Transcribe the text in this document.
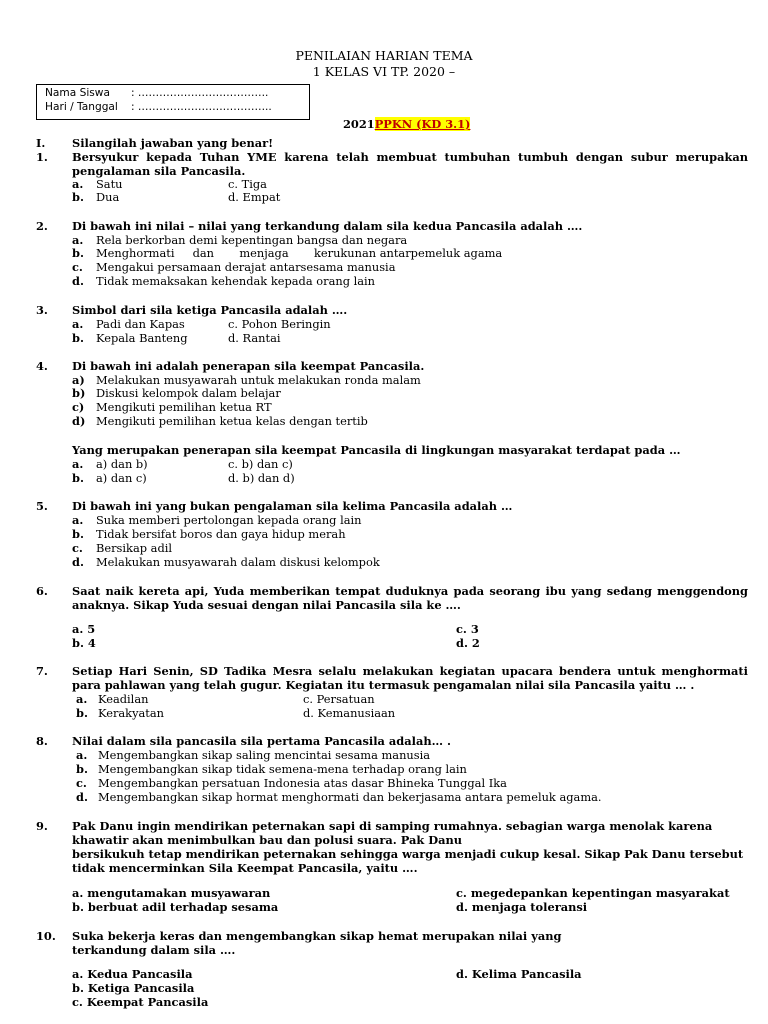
PENILAIAN HARIAN TEMA
1 KELAS VI TP. 2020 –
Nama Siswa : ……………………………….
Hari / Tanggal : ………………………………..
2021PPKN (KD 3.1)
I. Silangilah jawaban yang benar!
1. Bersyukur kepada Tuhan YME karena telah membuat tumbuhan tumbuh dengan subur merupakan pengalaman sila Pancasila.
a. Satu	c. Tiga
b. Dua	d. Empat
2. Di bawah ini nilai – nilai yang terkandung dalam sila kedua Pancasila adalah ….
a. Rela berkorban demi kepentingan bangsa dan negara
b. Menghormati     dan       menjaga       kerukunan antarpemeluk agama
c. Mengakui persamaan derajat antarsesama manusia
d. Tidak memaksakan kehendak kepada orang lain
3. Simbol dari sila ketiga Pancasila adalah ….
a. Padi dan Kapas	c. Pohon Beringin
b. Kepala Banteng	d. Rantai
4. Di bawah ini adalah penerapan sila keempat Pancasila.
a) Melakukan musyawarah untuk melakukan ronda malam
b) Diskusi kelompok dalam belajar
c) Mengikuti pemilihan ketua RT
d) Mengikuti pemilihan ketua kelas dengan tertib
Yang merupakan penerapan sila keempat Pancasila di lingkungan masyarakat terdapat pada …
a. a) dan b)	c. b) dan c)
b. a) dan c)	d. b) dan d)
5. Di bawah ini yang bukan pengalaman sila kelima Pancasila adalah …
a. Suka memberi pertolongan kepada orang lain
b. Tidak bersifat boros dan gaya hidup merah
c. Bersikap adil
d. Melakukan musyawarah dalam diskusi kelompok
6. Saat naik kereta api, Yuda memberikan tempat duduknya pada seorang ibu yang sedang menggendong anaknya. Sikap Yuda sesuai dengan nilai Pancasila sila ke ….
a. 5	c. 3
b. 4	d. 2
7. Setiap Hari Senin, SD Tadika Mesra selalu melakukan kegiatan upacara bendera untuk menghormati para pahlawan yang telah gugur. Kegiatan itu termasuk pengamalan nilai sila Pancasila yaitu … .
a. Keadilan	c. Persatuan
b. Kerakyatan	d. Kemanusiaan
8. Nilai dalam sila pancasila sila pertama Pancasila adalah… .
a. Mengembangkan sikap saling mencintai sesama manusia
b. Mengembangkan sikap tidak semena-mena terhadap orang lain
c. Mengembangkan persatuan Indonesia atas dasar Bhineka Tunggal Ika
d. Mengembangkan sikap hormat menghormati dan bekerjasama antara pemeluk agama.
9. Pak Danu ingin mendirikan peternakan sapi di samping rumahnya. sebagian warga menolak karena
khawatir akan menimbulkan bau dan polusi suara. Pak Danu
bersikukuh tetap mendirikan peternakan sehingga warga menjadi cukup kesal. Sikap Pak Danu tersebut
tidak mencerminkan Sila Keempat Pancasila, yaitu ….
a. mengutamakan musyawaran	c. megedepankan kepentingan masyarakat
b. berbuat adil terhadap sesama	d. menjaga toleransi
10. Suka bekerja keras dan mengembangkan sikap hemat merupakan nilai yang terkandung dalam sila ….
a. Kedua Pancasila	d. Kelima Pancasila
b. Ketiga Pancasila
c. Keempat Pancasila
